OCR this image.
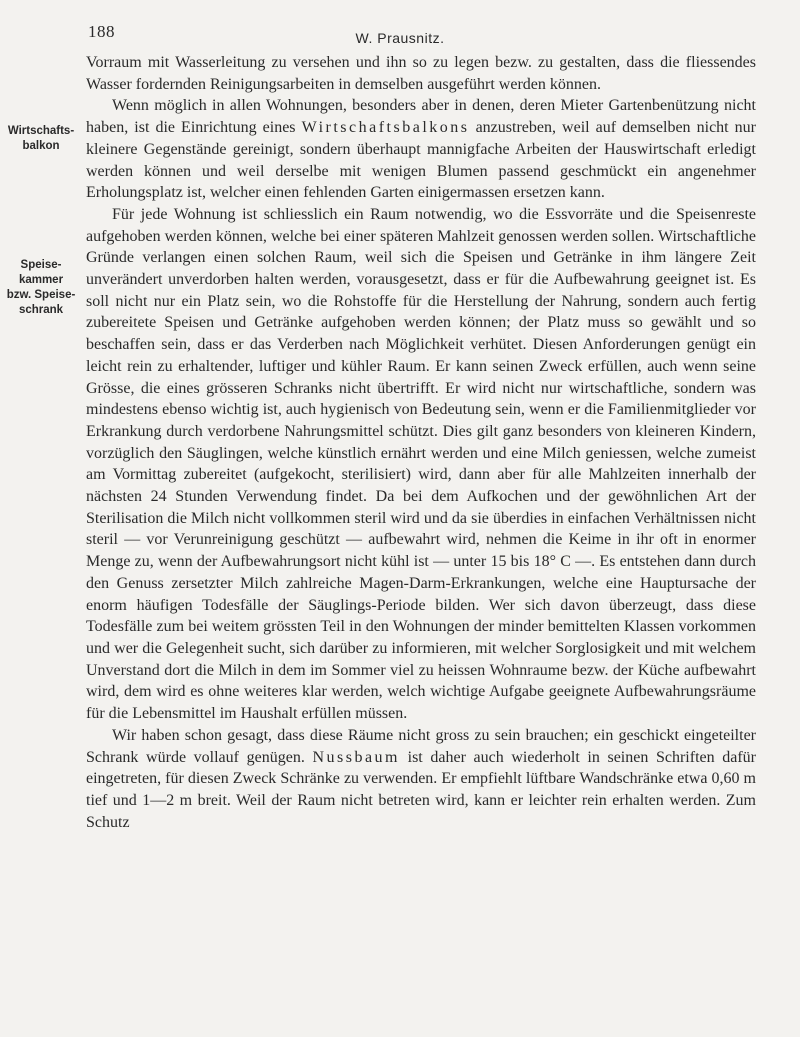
188	W. Prausnitz.
Wirtschafts-
balkon
Speise-
kammer
bzw. Speise-
schrank

Vorraum mit Wasserleitung zu versehen und ihn so zu legen bezw. zu gestalten, dass die fliessendes Wasser fordernden Reinigungsarbeiten in demselben ausgeführt werden können.

Wenn möglich in allen Wohnungen, besonders aber in denen, deren Mieter Gartenbenützung nicht haben, ist die Einrichtung eines Wirtschaftsbalkons anzustreben, weil auf demselben nicht nur kleinere Gegenstände gereinigt, sondern überhaupt mannigfache Arbeiten der Hauswirtschaft erledigt werden können und weil derselbe mit wenigen Blumen passend geschmückt ein angenehmer Erholungsplatz ist, welcher einen fehlenden Garten einigermassen ersetzen kann.

Für jede Wohnung ist schliesslich ein Raum notwendig, wo die Essvorräte und die Speisenreste aufgehoben werden können, welche bei einer späteren Mahlzeit genossen werden sollen. Wirtschaftliche Gründe verlangen einen solchen Raum, weil sich die Speisen und Getränke in ihm längere Zeit unverändert unverdorben halten werden, vorausgesetzt, dass er für die Aufbewahrung geeignet ist. Es soll nicht nur ein Platz sein, wo die Rohstoffe für die Herstellung der Nahrung, sondern auch fertig zubereitete Speisen und Getränke aufgehoben werden können; der Platz muss so gewählt und so beschaffen sein, dass er das Verderben nach Möglichkeit verhütet. Diesen Anforderungen genügt ein leicht rein zu erhaltender, luftiger und kühler Raum. Er kann seinen Zweck erfüllen, auch wenn seine Grösse, die eines grösseren Schranks nicht übertrifft. Er wird nicht nur wirtschaftliche, sondern was mindestens ebenso wichtig ist, auch hygienisch von Bedeutung sein, wenn er die Familienmitglieder vor Erkrankung durch verdorbene Nahrungsmittel schützt. Dies gilt ganz besonders von kleineren Kindern, vorzüglich den Säuglingen, welche künstlich ernährt werden und eine Milch geniessen, welche zumeist am Vormittag zubereitet (aufgekocht, sterilisiert) wird, dann aber für alle Mahlzeiten innerhalb der nächsten 24 Stunden Verwendung findet. Da bei dem Aufkochen und der gewöhnlichen Art der Sterilisation die Milch nicht vollkommen steril wird und da sie überdies in einfachen Verhältnissen nicht steril — vor Verunreinigung geschützt — aufbewahrt wird, nehmen die Keime in ihr oft in enormer Menge zu, wenn der Aufbewahrungsort nicht kühl ist — unter 15 bis 18° C —. Es entstehen dann durch den Genuss zersetzter Milch zahlreiche Magen-Darm-Erkrankungen, welche eine Hauptursache der enorm häufigen Todesfälle der Säuglings-Periode bilden. Wer sich davon überzeugt, dass diese Todesfälle zum bei weitem grössten Teil in den Wohnungen der minder bemittelten Klassen vorkommen und wer die Gelegenheit sucht, sich darüber zu informieren, mit welcher Sorglosigkeit und mit welchem Unverstand dort die Milch in dem im Sommer viel zu heissen Wohnraume bezw. der Küche aufbewahrt wird, dem wird es ohne weiteres klar werden, welch wichtige Aufgabe geeignete Aufbewahrungsräume für die Lebensmittel im Haushalt erfüllen müssen.

Wir haben schon gesagt, dass diese Räume nicht gross zu sein brauchen; ein geschickt eingeteilter Schrank würde vollauf genügen. Nussbaum ist daher auch wiederholt in seinen Schriften dafür eingetreten, für diesen Zweck Schränke zu verwenden. Er empfiehlt lüftbare Wandschränke etwa 0,60 m tief und 1—2 m breit. Weil der Raum nicht betreten wird, kann er leichter rein erhalten werden. Zum Schutz
